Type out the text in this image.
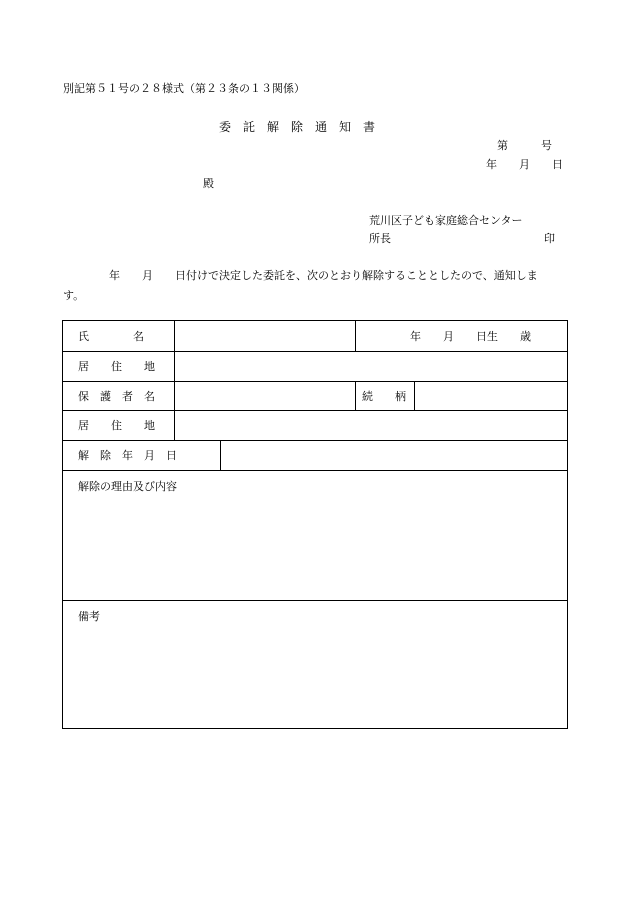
別記第５１号の２８様式（第２３条の１３関係）
委　託　解　除　通　知　書
第　　　号
年　　月　　日
殿
荒川区子ども家庭総合センター
所長	印
年　　月　　日付けで決定した委託を、次のとおり解除することとしたので、通知しま
す。
氏　　　　名	年　　月　　日生　　歳
居　　住　　地
保　護　者　名	続　　柄
居　　住　　地
解　除　年　月　日
解除の理由及び内容
備考
